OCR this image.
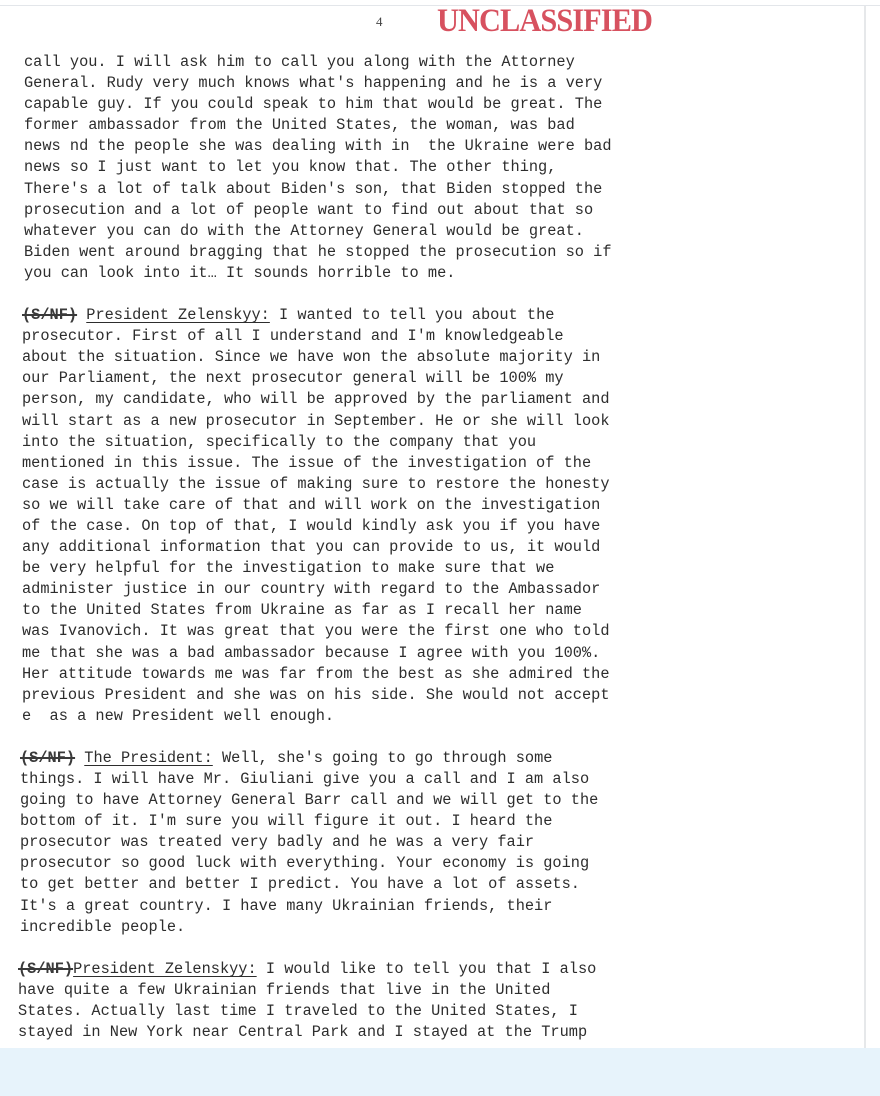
4 UNCLASSIFIED
call you. I will ask him to call you along with the Attorney
General. Rudy very much knows what's happening and he is a very
capable guy. If you could speak to him that would be great. The
former ambassador from the United States, the woman, was bad
news nd the people she was dealing with in  the Ukraine were bad
news so I just want to let you know that. The other thing,
There's a lot of talk about Biden's son, that Biden stopped the
prosecution and a lot of people want to find out about that so
whatever you can do with the Attorney General would be great.
Biden went around bragging that he stopped the prosecution so if
you can look into it… It sounds horrible to me.
(S/NF) President Zelenskyy: I wanted to tell you about the
prosecutor. First of all I understand and I'm knowledgeable
about the situation. Since we have won the absolute majority in
our Parliament, the next prosecutor general will be 100% my
person, my candidate, who will be approved by the parliament and
will start as a new prosecutor in September. He or she will look
into the situation, specifically to the company that you
mentioned in this issue. The issue of the investigation of the
case is actually the issue of making sure to restore the honesty
so we will take care of that and will work on the investigation
of the case. On top of that, I would kindly ask you if you have
any additional information that you can provide to us, it would
be very helpful for the investigation to make sure that we
administer justice in our country with regard to the Ambassador
to the United States from Ukraine as far as I recall her name
was Ivanovich. It was great that you were the first one who told
me that she was a bad ambassador because I agree with you 100%.
Her attitude towards me was far from the best as she admired the
previous President and she was on his side. She would not accept
e  as a new President well enough.
(S/NF) The President: Well, she's going to go through some
things. I will have Mr. Giuliani give you a call and I am also
going to have Attorney General Barr call and we will get to the
bottom of it. I'm sure you will figure it out. I heard the
prosecutor was treated very badly and he was a very fair
prosecutor so good luck with everything. Your economy is going
to get better and better I predict. You have a lot of assets.
It's a great country. I have many Ukrainian friends, their
incredible people.
(S/NF)President Zelenskyy: I would like to tell you that I also
have quite a few Ukrainian friends that live in the United
States. Actually last time I traveled to the United States, I
stayed in New York near Central Park and I stayed at the Trump
